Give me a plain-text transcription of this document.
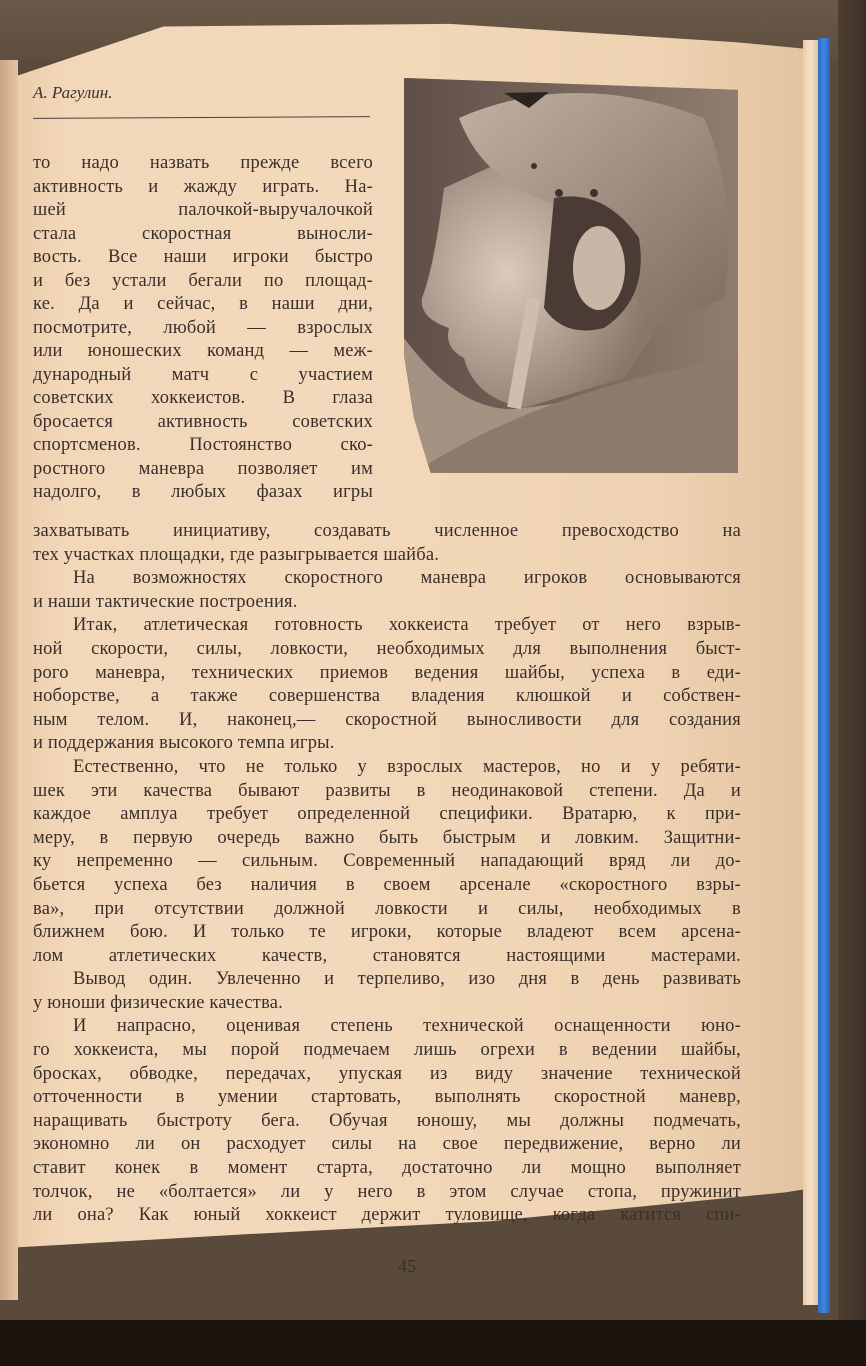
А. Рагулин.
то надо назвать прежде всего
активность и жажду играть. На-
шей палочкой-выручалочкой
стала скоростная выносли-
вость. Все наши игроки быстро
и без устали бегали по площад-
ке. Да и сейчас, в наши дни,
посмотрите, любой — взрослых
или юношеских команд — меж-
дународный матч с участием
советских хоккеистов. В глаза
бросается активность советских
спортсменов. Постоянство ско-
ростного маневра позволяет им
надолго, в любых фазах игры
захватывать инициативу, создавать численное превосходство на
тех участках площадки, где разыгрывается шайба.
На возможностях скоростного маневра игроков основываются
и наши тактические построения.
Итак, атлетическая готовность хоккеиста требует от него взрыв-
ной скорости, силы, ловкости, необходимых для выполнения быст-
рого маневра, технических приемов ведения шайбы, успеха в еди-
ноборстве, а также совершенства владения клюшкой и собствен-
ным телом. И, наконец,— скоростной выносливости для создания
и поддержания высокого темпа игры.
Естественно, что не только у взрослых мастеров, но и у ребяти-
шек эти качества бывают развиты в неодинаковой степени. Да и
каждое амплуа требует определенной специфики. Вратарю, к при-
меру, в первую очередь важно быть быстрым и ловким. Защитни-
ку непременно — сильным. Современный нападающий вряд ли до-
бьется успеха без наличия в своем арсенале «скоростного взры-
ва», при отсутствии должной ловкости и силы, необходимых в
ближнем бою. И только те игроки, которые владеют всем арсена-
лом атлетических качеств, становятся настоящими мастерами.
Вывод один. Увлеченно и терпеливо, изо дня в день развивать
у юноши физические качества.
И напрасно, оценивая степень технической оснащенности юно-
го хоккеиста, мы порой подмечаем лишь огрехи в ведении шайбы,
бросках, обводке, передачах, упуская из виду значение технической
отточенности в умении стартовать, выполнять скоростной маневр,
наращивать быстроту бега. Обучая юношу, мы должны подмечать,
экономно ли он расходует силы на свое передвижение, верно ли
ставит конек в момент старта, достаточно ли мощно выполняет
толчок, не «болтается» ли у него в этом случае стопа, пружинит
ли она? Как юный хоккеист держит туловище, когда катится спи-
45
